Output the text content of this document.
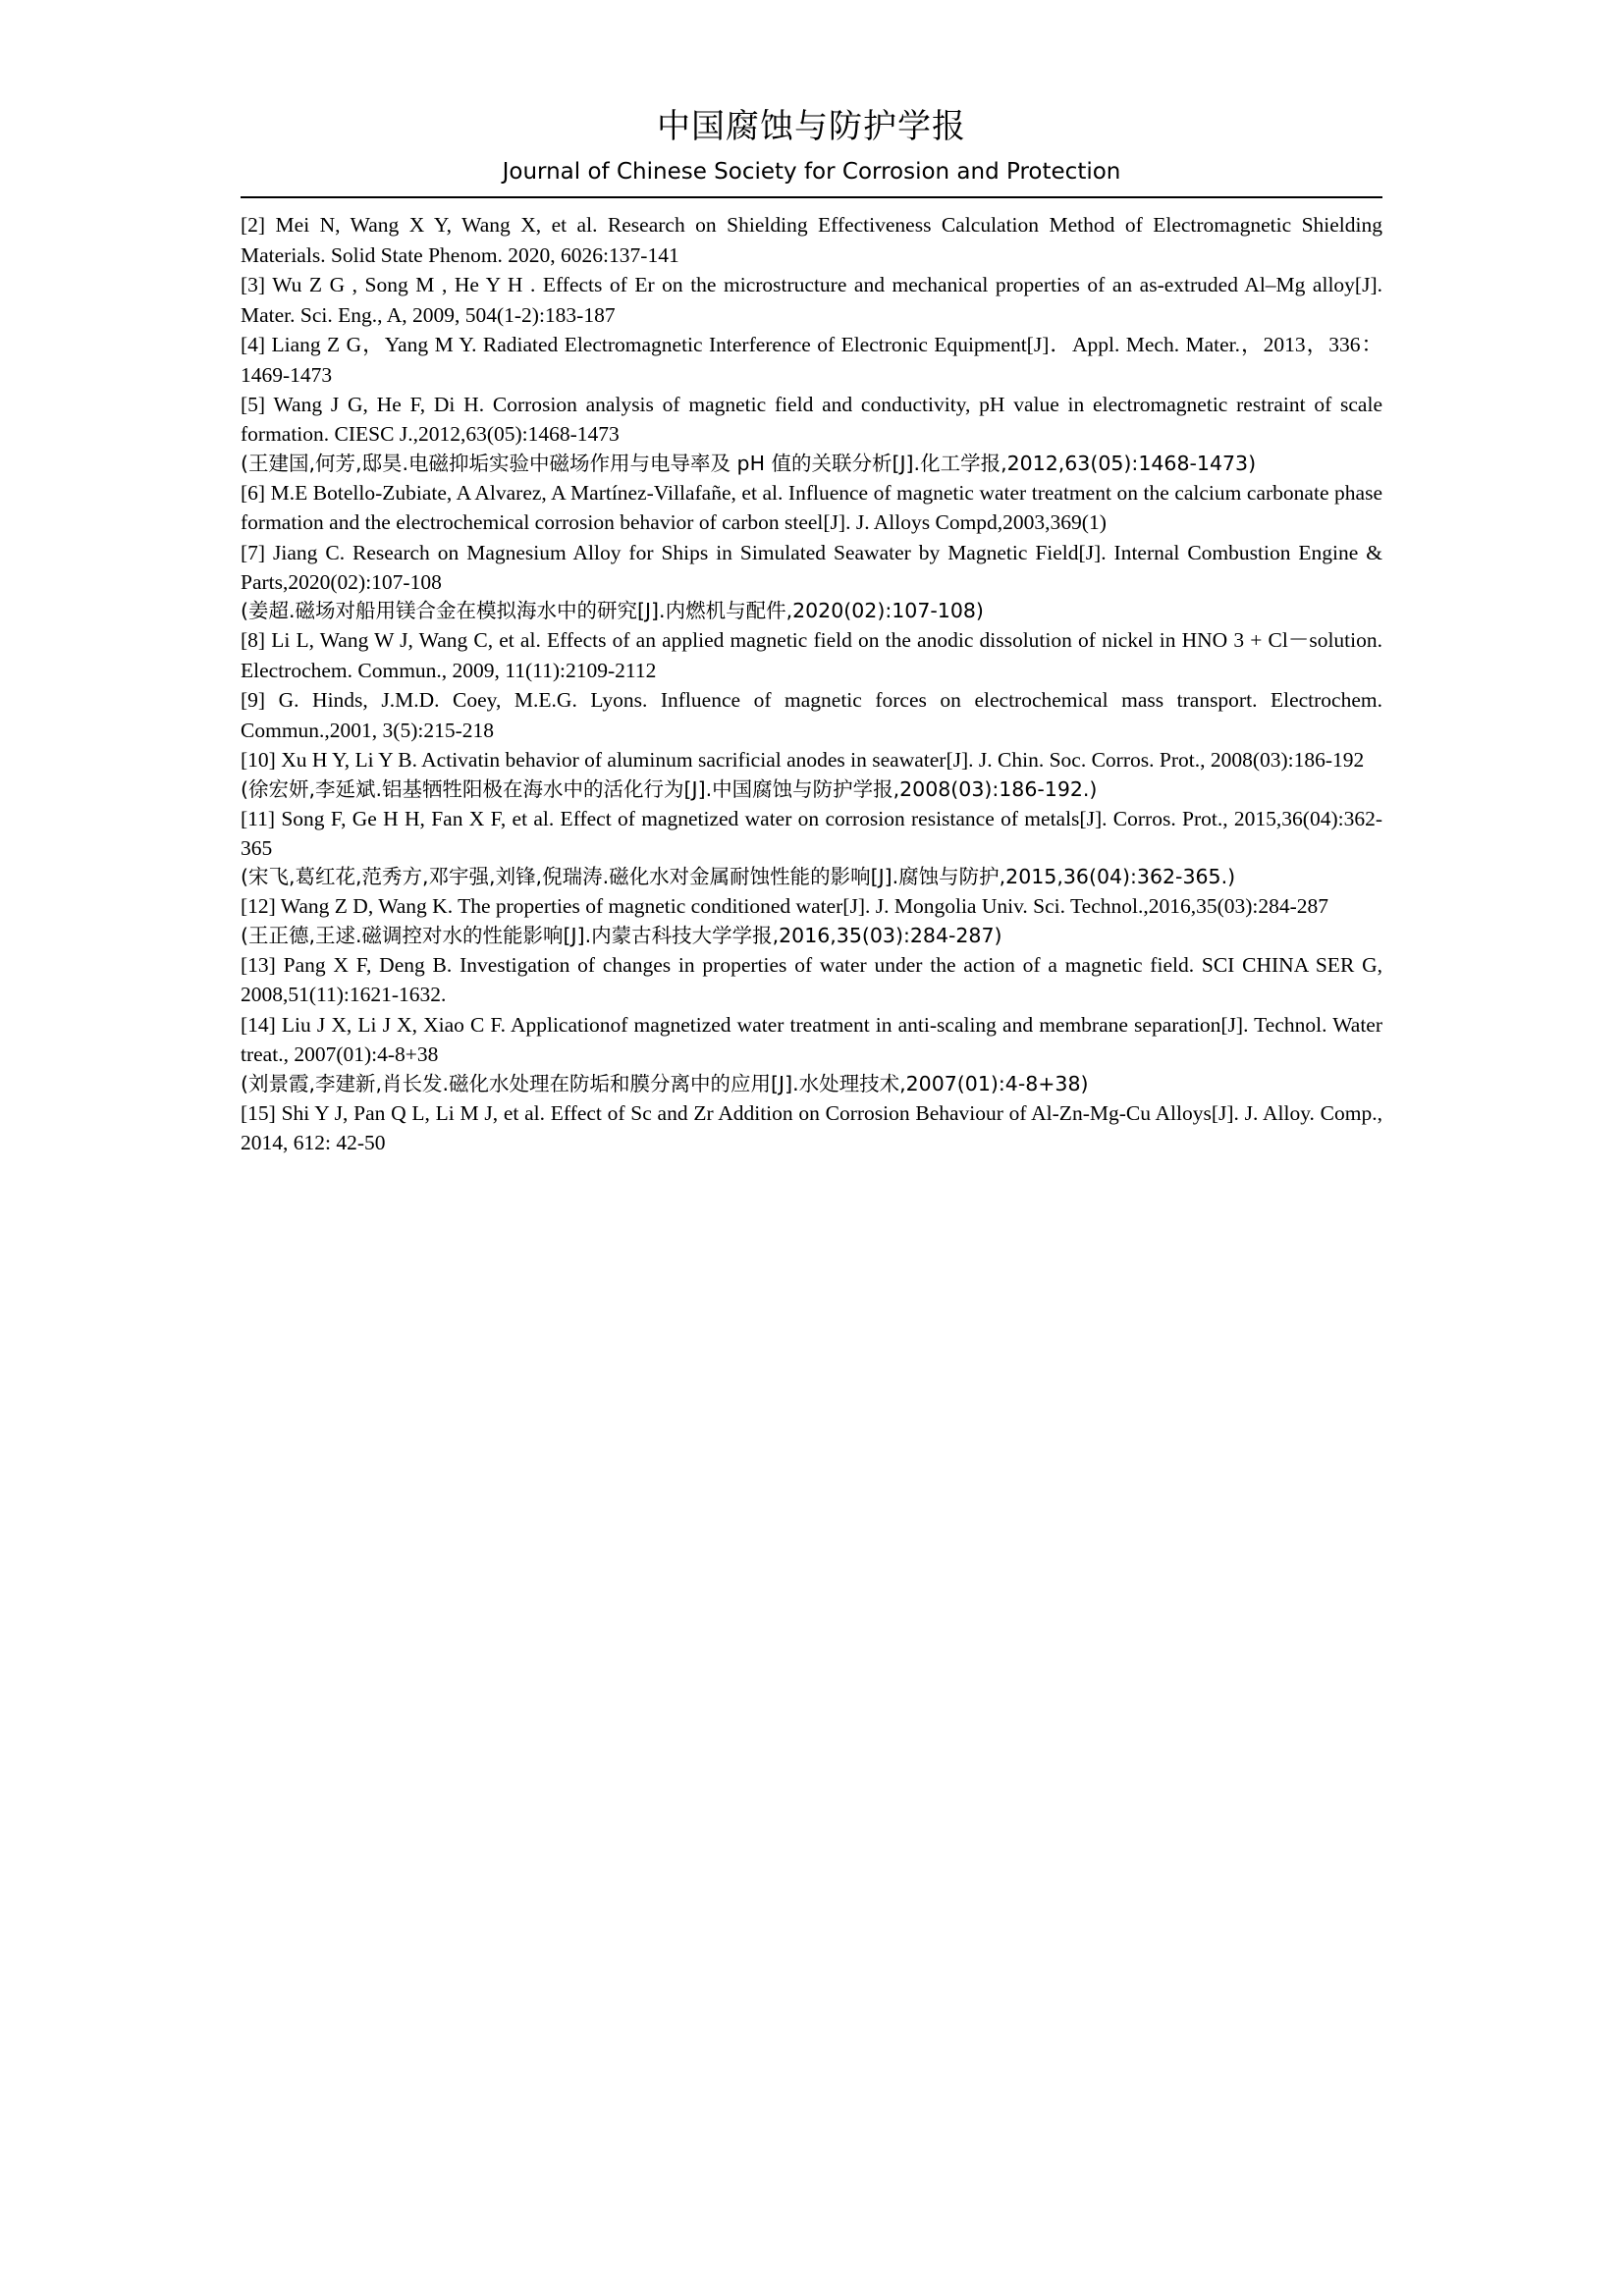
中国腐蚀与防护学报
Journal of Chinese Society for Corrosion and Protection

[2] Mei N, Wang X Y, Wang X, et al. Research on Shielding Effectiveness Calculation Method of Electromagnetic Shielding Materials. Solid State Phenom. 2020, 6026:137-141

[3] Wu Z G , Song M , He Y H . Effects of Er on the microstructure and mechanical properties of an as-extruded Al–Mg alloy[J]. Mater. Sci. Eng., A, 2009, 504(1-2):183-187

[4] Liang Z G，Yang M Y. Radiated Electromagnetic Interference of Electronic Equipment[J]．Appl. Mech. Mater.，2013，336：1469-1473

[5] Wang J G, He F, Di H. Corrosion analysis of magnetic field and conductivity, pH value in electromagnetic restraint of scale formation. CIESC J.,2012,63(05):1468-1473

(王建国,何芳,邸昊.电磁抑垢实验中磁场作用与电导率及 pH 值的关联分析[J].化工学报,2012,63(05):1468-1473)

[6] M.E Botello-Zubiate, A Alvarez, A Martínez-Villafañe, et al. Influence of magnetic water treatment on the calcium carbonate phase formation and the electrochemical corrosion behavior of carbon steel[J]. J. Alloys Compd,2003,369(1)

[7] Jiang C. Research on Magnesium Alloy for Ships in Simulated Seawater by Magnetic Field[J]. Internal Combustion Engine & Parts,2020(02):107-108

(姜超.磁场对船用镁合金在模拟海水中的研究[J].内燃机与配件,2020(02):107-108)

[8] Li L, Wang W J, Wang C, et al. Effects of an applied magnetic field on the anodic dissolution of nickel in HNO 3 + Cl－solution. Electrochem. Commun., 2009, 11(11):2109-2112

[9] G. Hinds, J.M.D. Coey, M.E.G. Lyons. Influence of magnetic forces on electrochemical mass transport. Electrochem. Commun.,2001, 3(5):215-218

[10] Xu H Y, Li Y B. Activatin behavior of aluminum sacrificial anodes in seawater[J]. J. Chin. Soc. Corros. Prot., 2008(03):186-192

(徐宏妍,李延斌.铝基牺牲阳极在海水中的活化行为[J].中国腐蚀与防护学报,2008(03):186-192.)

[11] Song F, Ge H H, Fan X F, et al. Effect of magnetized water on corrosion resistance of metals[J]. Corros. Prot., 2015,36(04):362-365

(宋飞,葛红花,范秀方,邓宇强,刘锋,倪瑞涛.磁化水对金属耐蚀性能的影响[J].腐蚀与防护,2015,36(04):362-365.)

[12] Wang Z D, Wang K. The properties of magnetic conditioned water[J]. J. Mongolia Univ. Sci. Technol.,2016,35(03):284-287

(王正德,王逑.磁调控对水的性能影响[J].内蒙古科技大学学报,2016,35(03):284-287)

[13] Pang X F, Deng B. Investigation of changes in properties of water under the action of a magnetic field. SCI CHINA SER G, 2008,51(11):1621-1632.

[14] Liu J X, Li J X, Xiao C F. Applicationof magnetized water treatment in anti-scaling and membrane separation[J]. Technol. Water treat., 2007(01):4-8+38

(刘景霞,李建新,肖长发.磁化水处理在防垢和膜分离中的应用[J].水处理技术,2007(01):4-8+38)

[15] Shi Y J, Pan Q L, Li M J, et al. Effect of Sc and Zr Addition on Corrosion Behaviour of Al-Zn-Mg-Cu Alloys[J]. J. Alloy. Comp., 2014, 612: 42-50
